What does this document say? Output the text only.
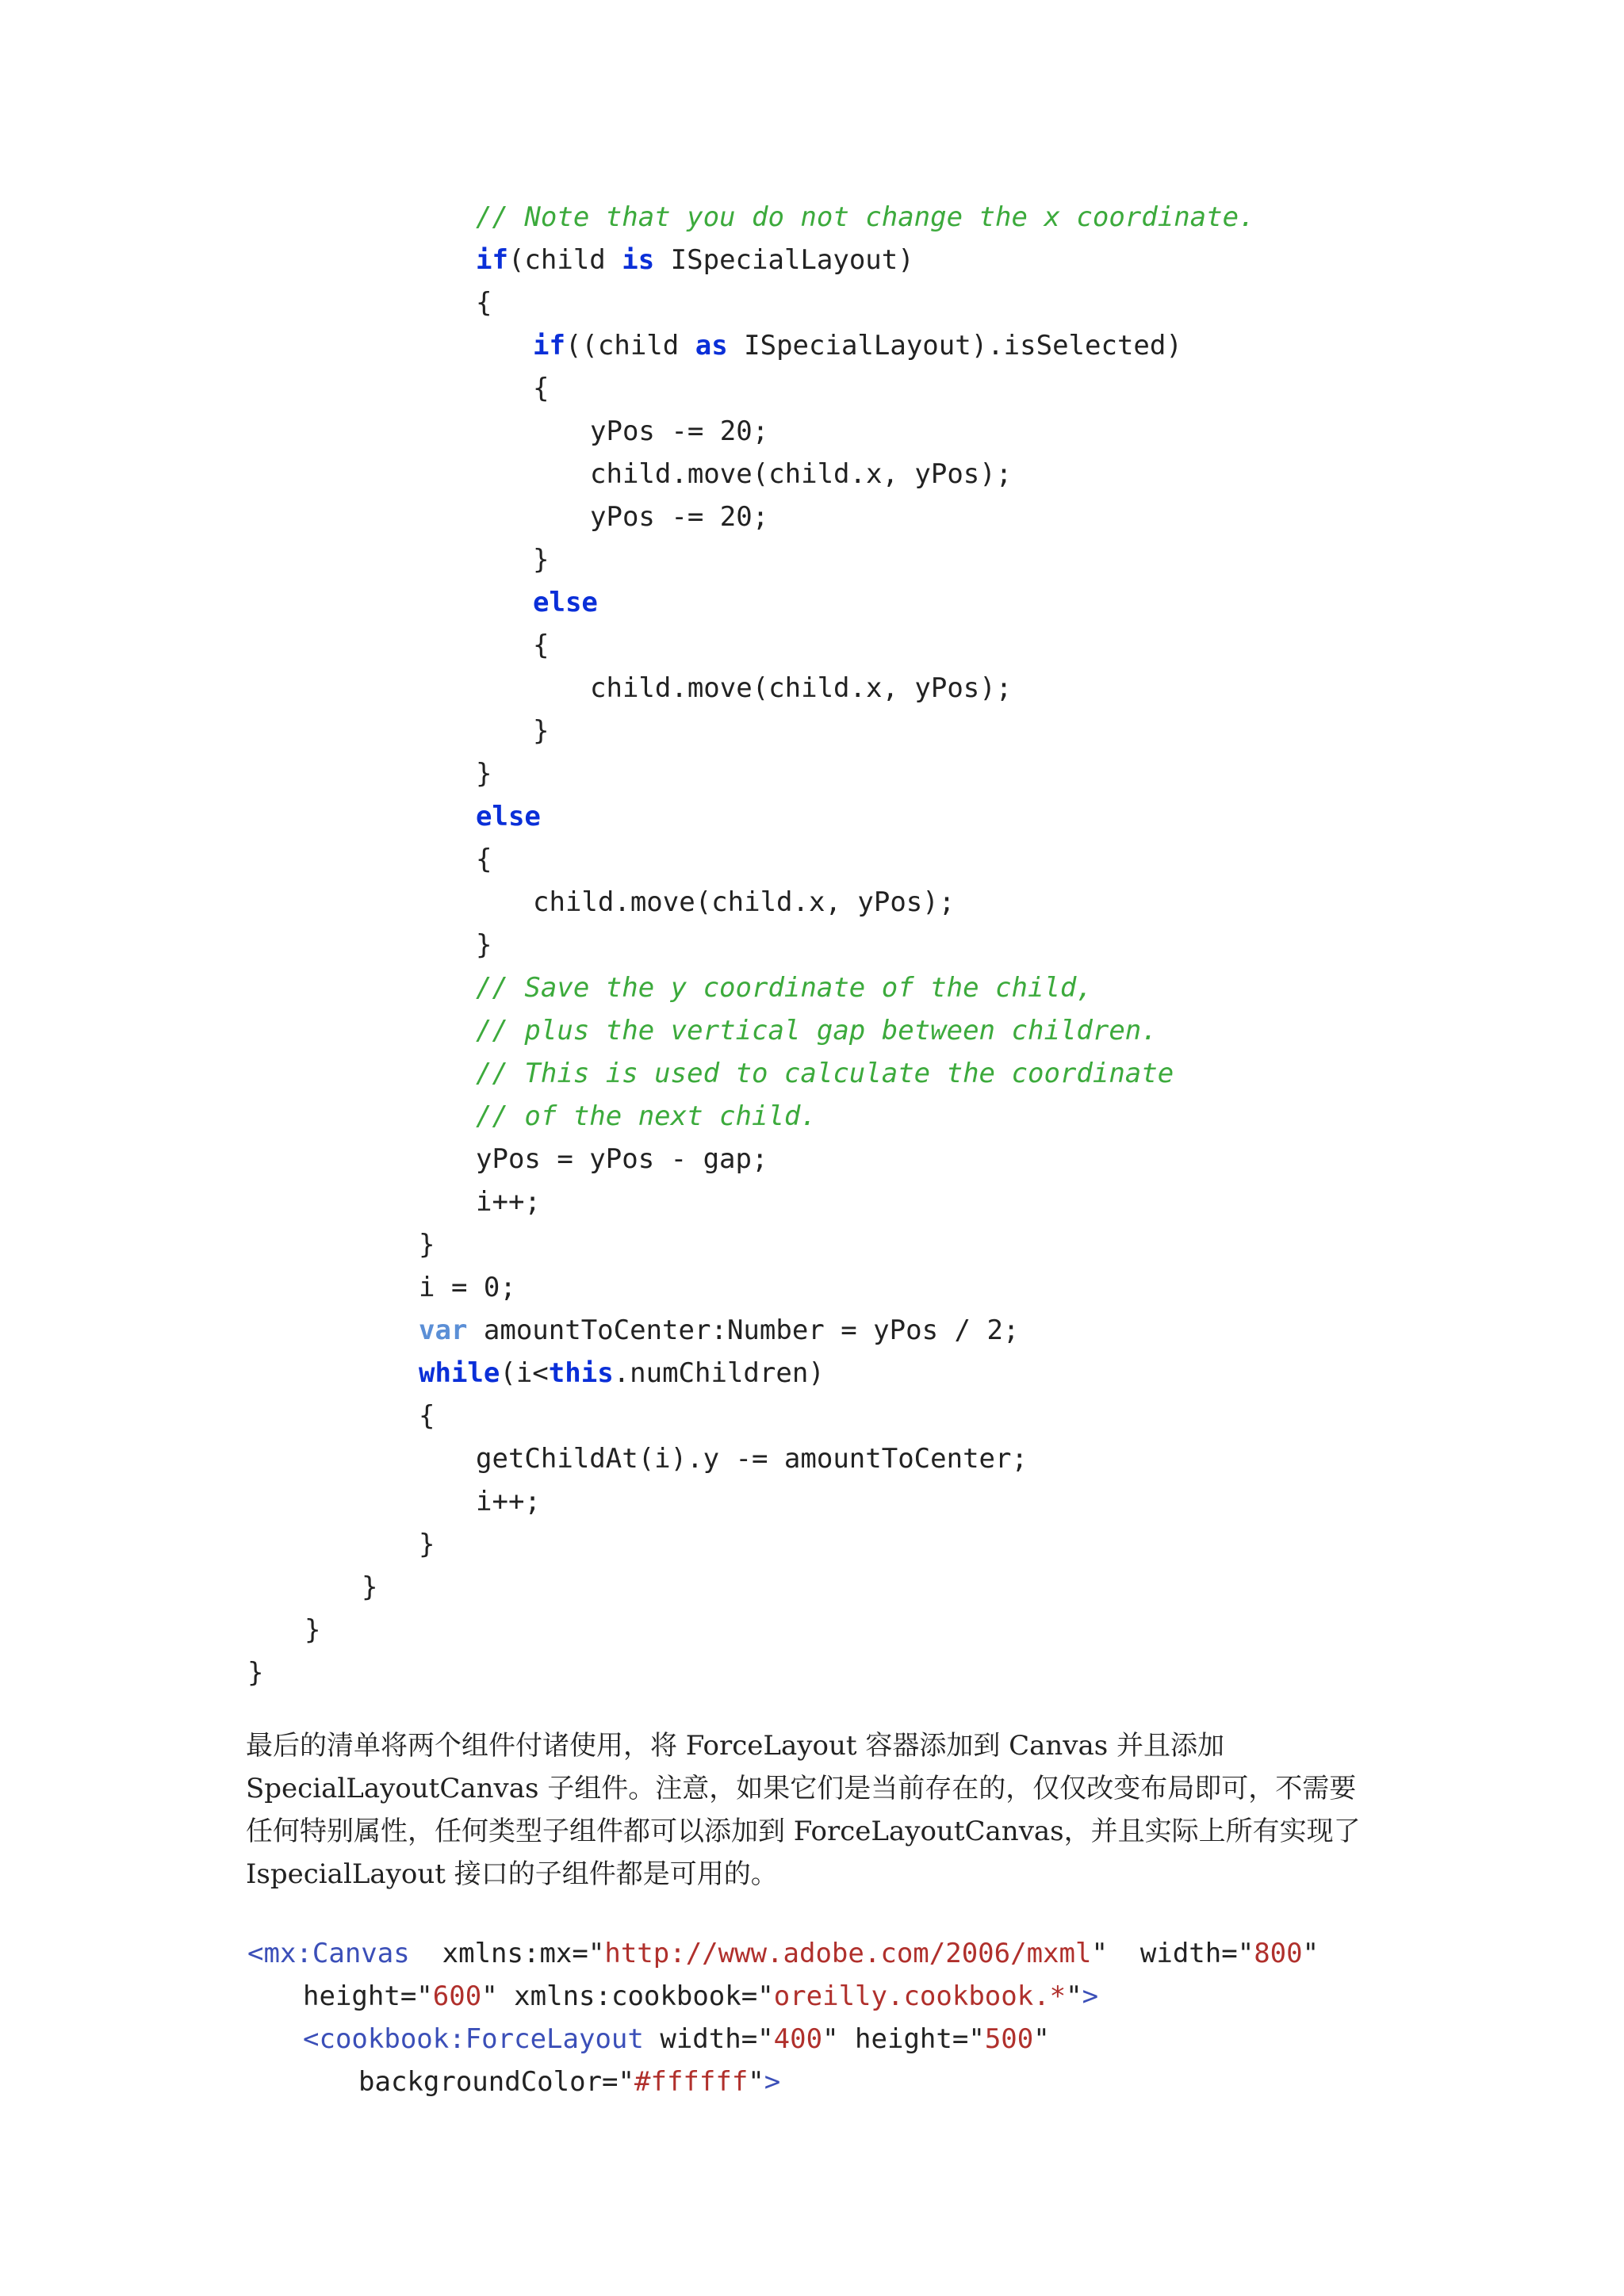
// Note that you do not change the x coordinate.
if(child is ISpecialLayout)
{
if((child as ISpecialLayout).isSelected)
{
yPos -= 20;
child.move(child.x, yPos);
yPos -= 20;
}
else
{
child.move(child.x, yPos);
}
}
else
{
child.move(child.x, yPos);
}
// Save the y coordinate of the child,
// plus the vertical gap between children.
// This is used to calculate the coordinate
// of the next child.
yPos = yPos - gap;
i++;
}
i = 0;
var amountToCenter:Number = yPos / 2;
while(i<this.numChildren)
{
getChildAt(i).y -= amountToCenter;
i++;
}
}
}
}
最后的清单将两个组件付诸使用，将 ForceLayout 容器添加到 Canvas 并且添加
SpecialLayoutCanvas 子组件。注意，如果它们是当前存在的，仅仅改变布局即可，不需要
任何特别属性，任何类型子组件都可以添加到 ForceLayoutCanvas，并且实际上所有实现了
IspecialLayout 接口的子组件都是可用的。
<mx:Canvas  xmlns:mx="http://www.adobe.com/2006/mxml"  width="800"
height="600" xmlns:cookbook="oreilly.cookbook.*">
<cookbook:ForceLayout width="400" height="500"
backgroundColor="#ffffff">
